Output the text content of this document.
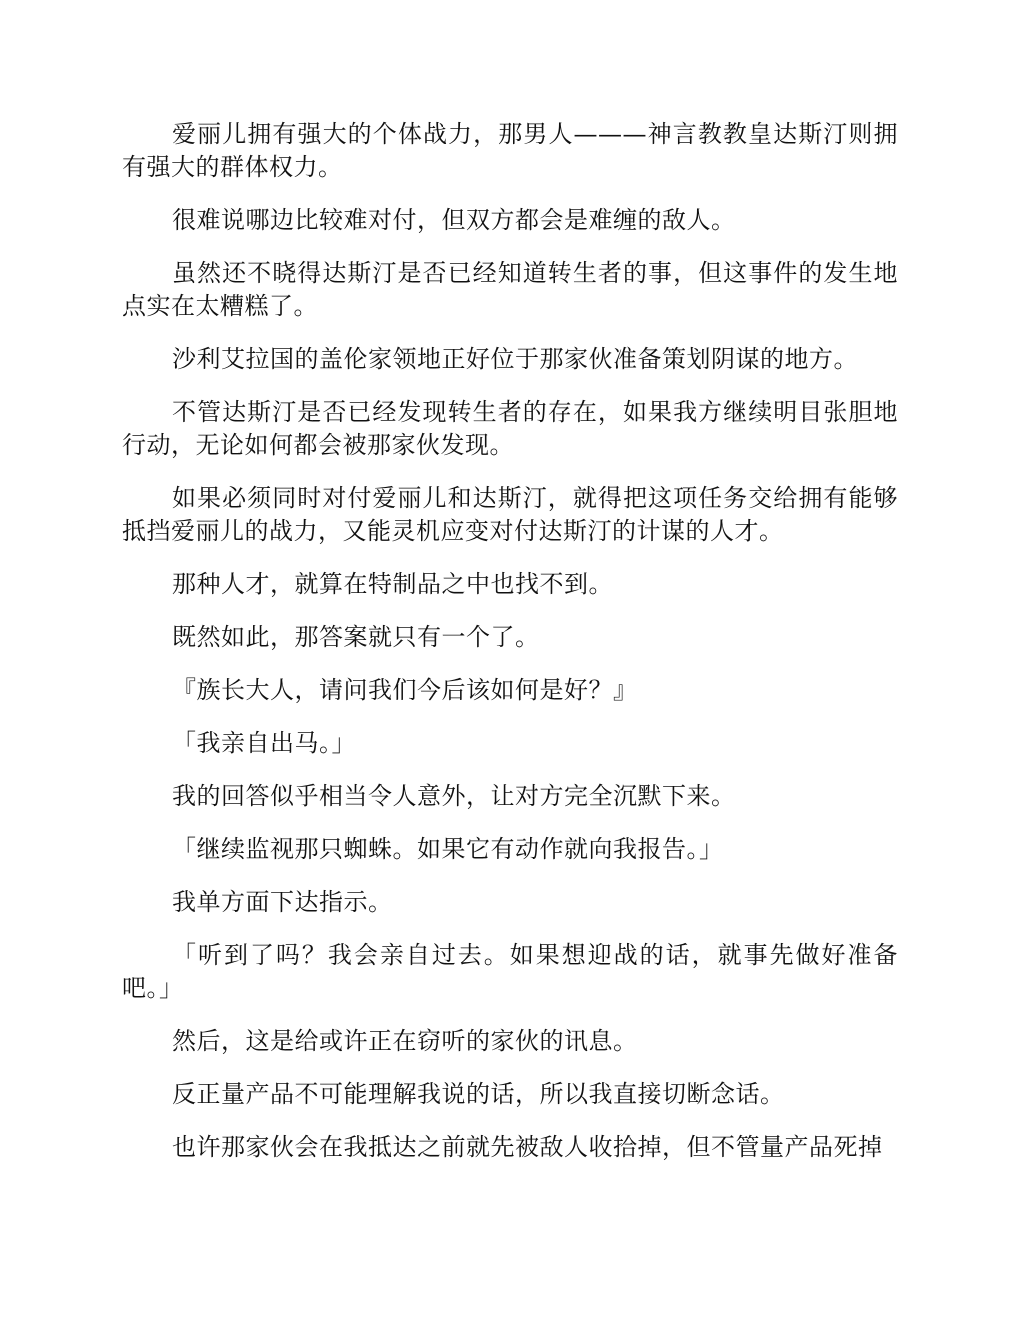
爱丽儿拥有强大的个体战力，那男人———神言教教皇达斯汀则拥有强大的群体权力。

很难说哪边比较难对付，但双方都会是难缠的敌人。

虽然还不晓得达斯汀是否已经知道转生者的事，但这事件的发生地点实在太糟糕了。

沙利艾拉国的盖伦家领地正好位于那家伙准备策划阴谋的地方。

不管达斯汀是否已经发现转生者的存在，如果我方继续明目张胆地行动，无论如何都会被那家伙发现。

如果必须同时对付爱丽儿和达斯汀，就得把这项任务交给拥有能够抵挡爱丽儿的战力，又能灵机应变对付达斯汀的计谋的人才。

那种人才，就算在特制品之中也找不到。

既然如此，那答案就只有一个了。

『族长大人，请问我们今后该如何是好？』

「我亲自出马。」

我的回答似乎相当令人意外，让对方完全沉默下来。

「继续监视那只蜘蛛。如果它有动作就向我报告。」

我单方面下达指示。

「听到了吗？我会亲自过去。如果想迎战的话，就事先做好准备吧。」

然后，这是给或许正在窃听的家伙的讯息。

反正量产品不可能理解我说的话，所以我直接切断念话。

也许那家伙会在我抵达之前就先被敌人收拾掉，但不管量产品死掉
